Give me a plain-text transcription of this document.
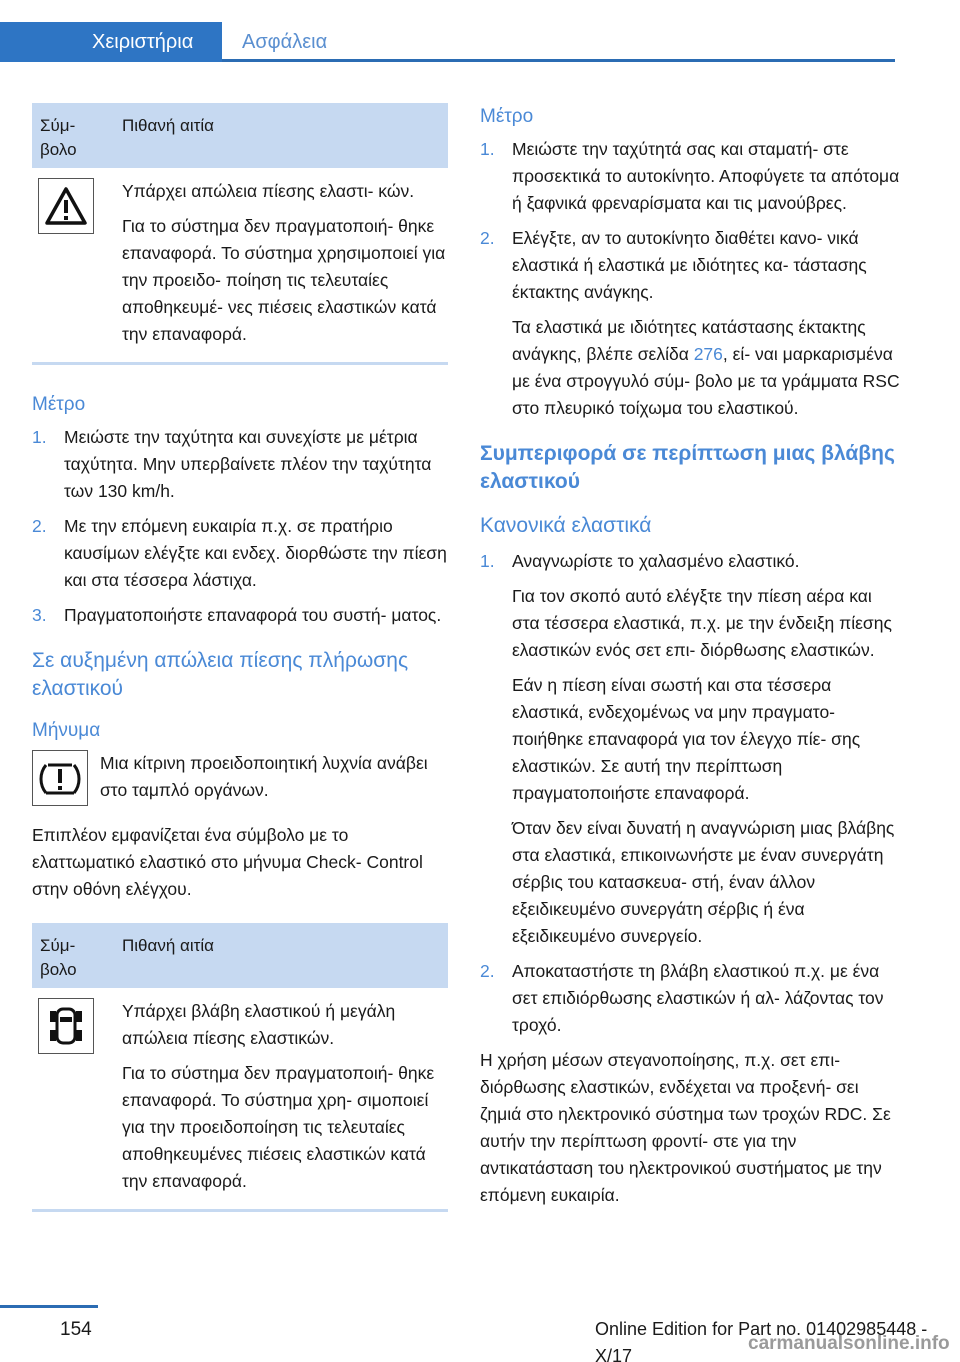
Χειριστήρια	Ασφάλεια
Σύμ‐
βολο
Πιθανή αιτία

Υπάρχει απώλεια πίεσης ελαστι‐ κών.

Για το σύστημα δεν πραγματοποιή‐ θηκε επαναφορά. Το σύστημα χρησιμοποιεί για την προειδο‐ ποίηση τις τελευταίες αποθηκευμέ‐ νες πιέσεις ελαστικών κατά την επαναφορά.

Μέτρο
1. Μειώστε την ταχύτητα και συνεχίστε με μέτρια ταχύτητα. Μην υπερβαίνετε πλέον την ταχύτητα των 130 km/h.
2. Με την επόμενη ευκαιρία π.χ. σε πρατήριο καυσίμων ελέγξτε και ενδεχ. διορθώστε την πίεση και στα τέσσερα λάστιχα.
3. Πραγματοποιήστε επαναφορά του συστή‐ ματος.
Σε αυξημένη απώλεια πίεσης πλήρωσης ελαστικού
Μήνυμα
Μια κίτρινη προειδοποιητική λυχνία ανάβει στο ταμπλό οργάνων.

Επιπλέον εμφανίζεται ένα σύμβολο με το ελαττωματικό ελαστικό στο μήνυμα Check- Control στην οθόνη ελέγχου.

Σύμ‐
βολο
Πιθανή αιτία

Υπάρχει βλάβη ελαστικού ή μεγάλη απώλεια πίεσης ελαστικών.

Για το σύστημα δεν πραγματοποιή‐ θηκε επαναφορά. Το σύστημα χρη‐ σιμοποιεί για την προειδοποίηση τις τελευταίες αποθηκευμένες πιέσεις ελαστικών κατά την επαναφορά.

Μέτρο
1. Μειώστε την ταχύτητά σας και σταματή‐ στε προσεκτικά το αυτοκίνητο. Αποφύγετε τα απότομα ή ξαφνικά φρεναρίσματα και τις μανούβρες.
2. Ελέγξτε, αν το αυτοκίνητο διαθέτει κανο‐ νικά ελαστικά ή ελαστικά με ιδιότητες κα‐ τάστασης έκτακτης ανάγκης.
Τα ελαστικά με ιδιότητες κατάστασης έκτακτης ανάγκης, βλέπε σελίδα 276, εί‐ ναι μαρκαρισμένα με ένα στρογγυλό σύμ‐ βολο με τα γράμματα RSC στο πλευρικό τοίχωμα του ελαστικού.
Συμπεριφορά σε περίπτωση μιας βλάβης ελαστικού
Κανονικά ελαστικά
1. Αναγνωρίστε το χαλασμένο ελαστικό.
Για τον σκοπό αυτό ελέγξτε την πίεση αέρα και στα τέσσερα ελαστικά, π.χ. με την ένδειξη πίεσης ελαστικών ενός σετ επι‐ διόρθωσης ελαστικών.
Εάν η πίεση είναι σωστή και στα τέσσερα ελαστικά, ενδεχομένως να μην πραγματο‐ ποιήθηκε επαναφορά για τον έλεγχο πίε‐ σης ελαστικών. Σε αυτή την περίπτωση πραγματοποιήστε επαναφορά.
Όταν δεν είναι δυνατή η αναγνώριση μιας βλάβης στα ελαστικά, επικοινωνήστε με έναν συνεργάτη σέρβις του κατασκευα‐ στή, έναν άλλον εξειδικευμένο συνεργάτη σέρβις ή ένα εξειδικευμένο συνεργείο.
2. Αποκαταστήστε τη βλάβη ελαστικού π.χ. με ένα σετ επιδιόρθωσης ελαστικών ή αλ‐ λάζοντας τον τροχό.

Η χρήση μέσων στεγανοποίησης, π.χ. σετ επι‐ διόρθωσης ελαστικών, ενδέχεται να προξενή‐ σει ζημιά στο ηλεκτρονικό σύστημα των τροχών RDC. Σε αυτήν την περίπτωση φροντί‐ στε για την αντικατάσταση του ηλεκτρονικού συστήματος με την επόμενη ευκαιρία.

154	Online Edition for Part no. 01402985448 - X/17
carmanualsonline.info
